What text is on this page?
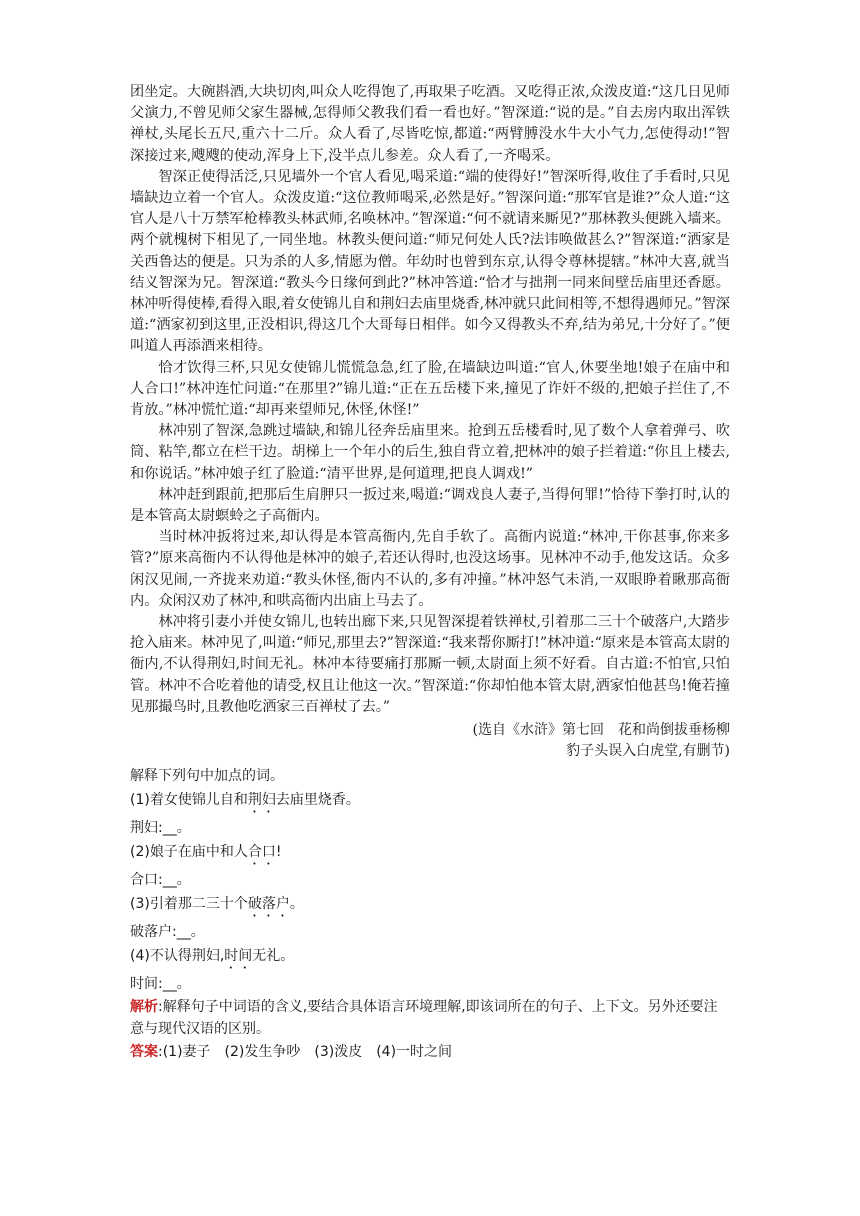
团坐定。大碗斟酒,大块切肉,叫众人吃得饱了,再取果子吃酒。又吃得正浓,众泼皮道:“这几日见师父演力,不曾见师父家生器械,怎得师父教我们看一看也好。”智深道:“说的是。”自去房内取出浑铁禅杖,头尾长五尺,重六十二斤。众人看了,尽皆吃惊,都道:“两臂膊没水牛大小气力,怎使得动!”智深接过来,飕飕的使动,浑身上下,没半点儿参差。众人看了,一齐喝采。

智深正使得活泛,只见墙外一个官人看见,喝采道:“端的使得好!”智深听得,收住了手看时,只见墙缺边立着一个官人。众泼皮道:“这位教师喝采,必然是好。”智深问道:“那军官是谁?”众人道:“这官人是八十万禁军枪棒教头林武师,名唤林冲。”智深道:“何不就请来厮见?”那林教头便跳入墙来。两个就槐树下相见了,一同坐地。林教头便问道:“师兄何处人氏?法讳唤做甚么?”智深道:“洒家是关西鲁达的便是。只为杀的人多,情愿为僧。年幼时也曾到东京,认得令尊林提辖。”林冲大喜,就当结义智深为兄。智深道:“教头今日缘何到此?”林冲答道:“恰才与拙荆一同来间壁岳庙里还香愿。林冲听得使棒,看得入眼,着女使锦儿自和荆妇去庙里烧香,林冲就只此间相等,不想得遇师兄。”智深道:“洒家初到这里,正没相识,得这几个大哥每日相伴。如今又得教头不弃,结为弟兄,十分好了。”便叫道人再添酒来相待。

恰才饮得三杯,只见女使锦儿慌慌急急,红了脸,在墙缺边叫道:“官人,休要坐地!娘子在庙中和人合口!”林冲连忙问道:“在那里?”锦儿道:“正在五岳楼下来,撞见了诈奸不级的,把娘子拦住了,不肯放。”林冲慌忙道:“却再来望师兄,休怪,休怪!”

林冲别了智深,急跳过墙缺,和锦儿径奔岳庙里来。抢到五岳楼看时,见了数个人拿着弹弓、吹筒、粘竿,都立在栏干边。胡梯上一个年小的后生,独自背立着,把林冲的娘子拦着道:“你且上楼去,和你说话。”林冲娘子红了脸道:“清平世界,是何道理,把良人调戏!”

林冲赶到跟前,把那后生肩胛只一扳过来,喝道:“调戏良人妻子,当得何罪!”恰待下拳打时,认的是本管高太尉螟蛉之子高衙内。

当时林冲扳将过来,却认得是本管高衙内,先自手软了。高衙内说道:“林冲,干你甚事,你来多管?”原来高衙内不认得他是林冲的娘子,若还认得时,也没这场事。见林冲不动手,他发这话。众多闲汉见闹,一齐拢来劝道:“教头休怪,衙内不认的,多有冲撞。”林冲怒气未消,一双眼睁着瞅那高衙内。众闲汉劝了林冲,和哄高衙内出庙上马去了。

林冲将引妻小并使女锦儿,也转出廊下来,只见智深提着铁禅杖,引着那二三十个破落户,大踏步抢入庙来。林冲见了,叫道:“师兄,那里去?”智深道:“我来帮你厮打!”林冲道:“原来是本管高太尉的衙内,不认得荆妇,时间无礼。林冲本待要痛打那厮一顿,太尉面上须不好看。自古道:不怕官,只怕管。林冲不合吃着他的请受,权且让他这一次。”智深道:“你却怕他本管太尉,洒家怕他甚鸟!俺若撞见那撮鸟时,且教他吃洒家三百禅杖了去。”

(选自《水浒》第七回　花和尚倒拔垂杨柳
豹子头误入白虎堂,有删节)

解释下列句中加点的词。

(1)着女使锦儿自和荆妇去庙里烧香。

荆妇:__。

(2)娘子在庙中和人合口!

合口:__。

(3)引着那二三十个破落户。

破落户:__。

(4)不认得荆妇,时间无礼。

时间:__。

解析:解释句子中词语的含义,要结合具体语言环境理解,即该词所在的句子、上下文。另外还要注意与现代汉语的区别。

答案:(1)妻子　(2)发生争吵　(3)泼皮　(4)一时之间
